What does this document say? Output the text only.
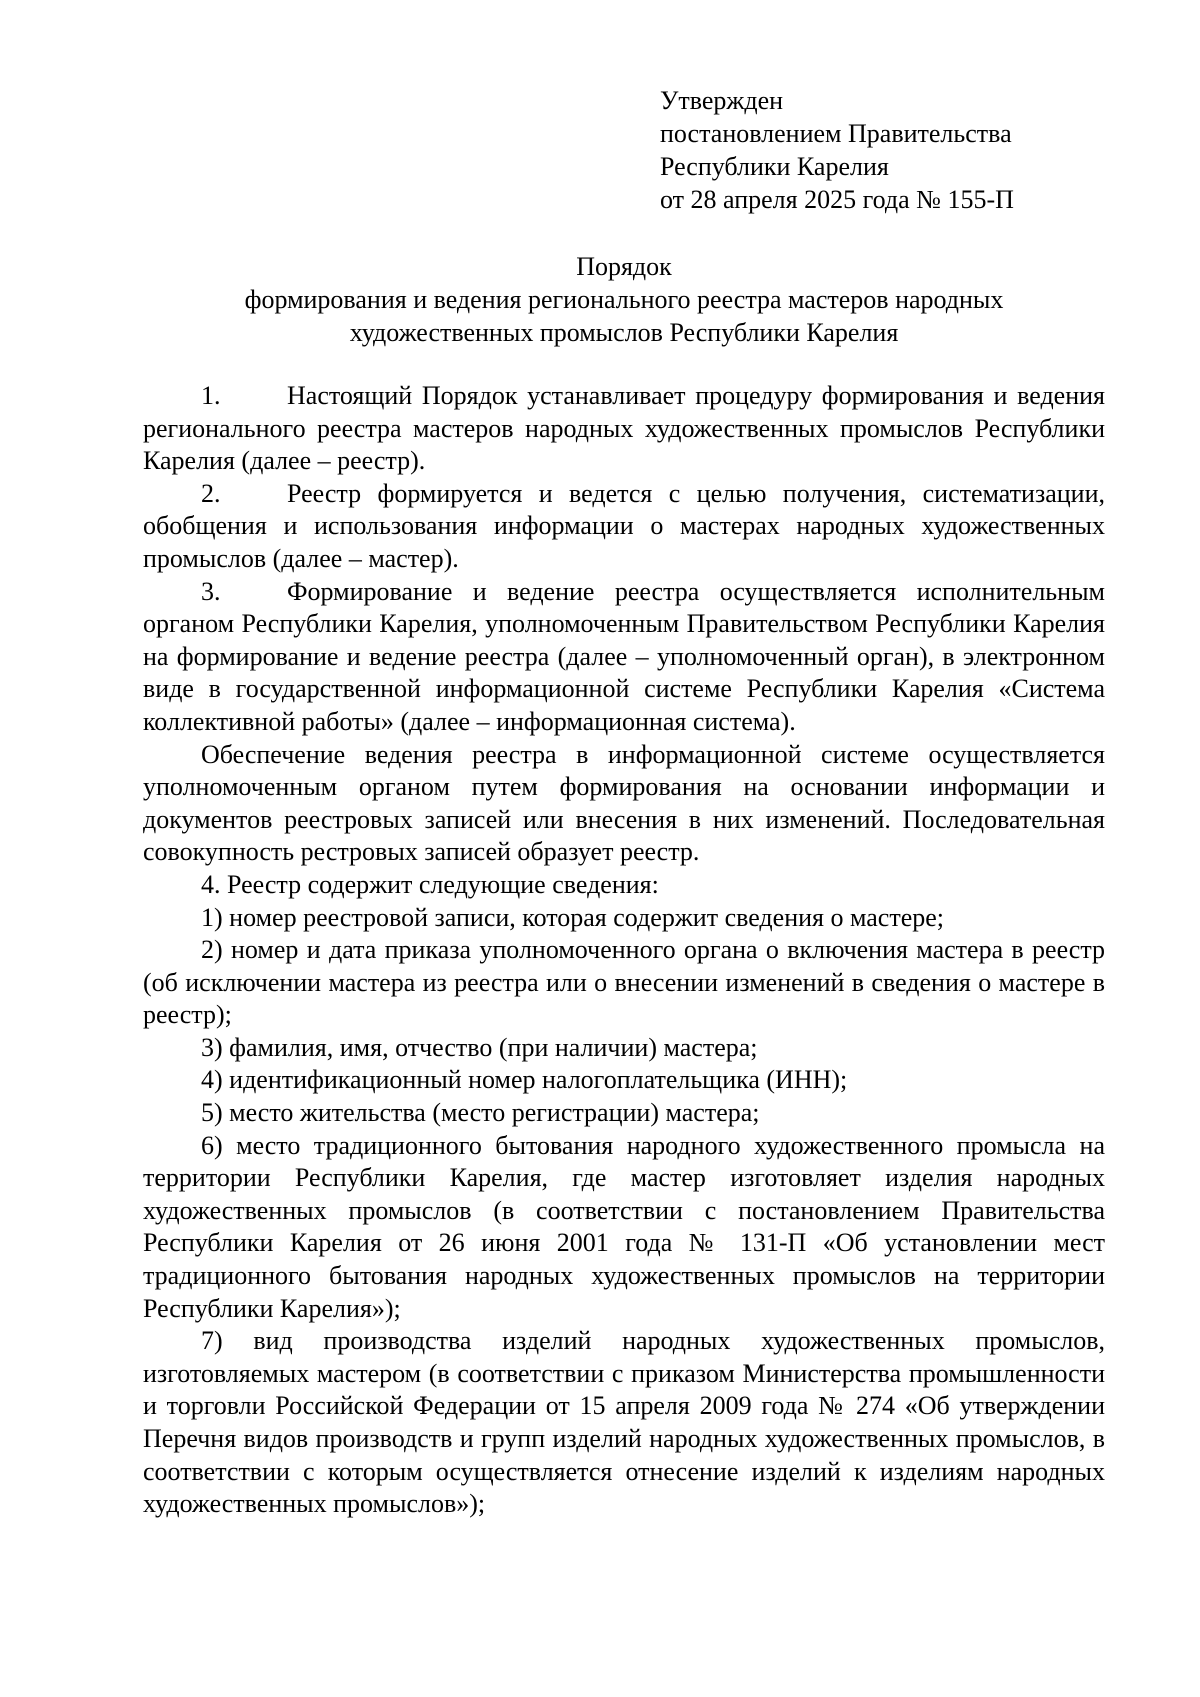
Утвержден
постановлением Правительства
Республики Карелия
от 28 апреля 2025 года № 155-П
Порядок
формирования и ведения регионального реестра мастеров народных
художественных промыслов Республики Карелия

1.	Настоящий Порядок устанавливает процедуру формирования и ведения регионального реестра мастеров народных художественных промыслов Республики Карелия (далее – реестр).

2.	Реестр формируется и ведется с целью получения, систематизации, обобщения и использования информации о мастерах народных художественных промыслов (далее – мастер).

3.	Формирование и ведение реестра осуществляется исполнительным органом Республики Карелия, уполномоченным Правительством Республики Карелия на формирование и ведение реестра (далее – уполномоченный орган), в электронном виде в государственной информационной системе Республики Карелия «Система коллективной работы» (далее – информационная система).

Обеспечение ведения реестра в информационной системе осуществляется уполномоченным органом путем формирования на основании информации и документов реестровых записей или внесения в них изменений. Последовательная совокупность рестровых записей образует реестр.

4. Реестр содержит следующие сведения:

1) номер реестровой записи, которая содержит сведения о мастере;

2) номер и дата приказа уполномоченного органа о включения мастера в реестр (об исключении мастера из реестра или о внесении изменений в сведения о мастере в реестр);

3) фамилия, имя, отчество (при наличии) мастера;

4) идентификационный номер налогоплательщика (ИНН);

5) место жительства (место регистрации) мастера;

6) место традиционного бытования народного художественного промысла на территории Республики Карелия, где мастер изготовляет изделия народных художественных промыслов (в соответствии с постановлением Правительства Республики Карелия от 26 июня 2001 года № 131-П «Об установлении мест традиционного бытования народных художественных промыслов на территории Республики Карелия»);

7) вид производства изделий народных художественных промыслов, изготовляемых мастером (в соответствии с приказом Министерства промышленности и торговли Российской Федерации от 15 апреля 2009 года № 274 «Об утверждении Перечня видов производств и групп изделий народных художественных промыслов, в соответствии с которым осуществляется отнесение изделий к изделиям народных художественных промыслов»);
